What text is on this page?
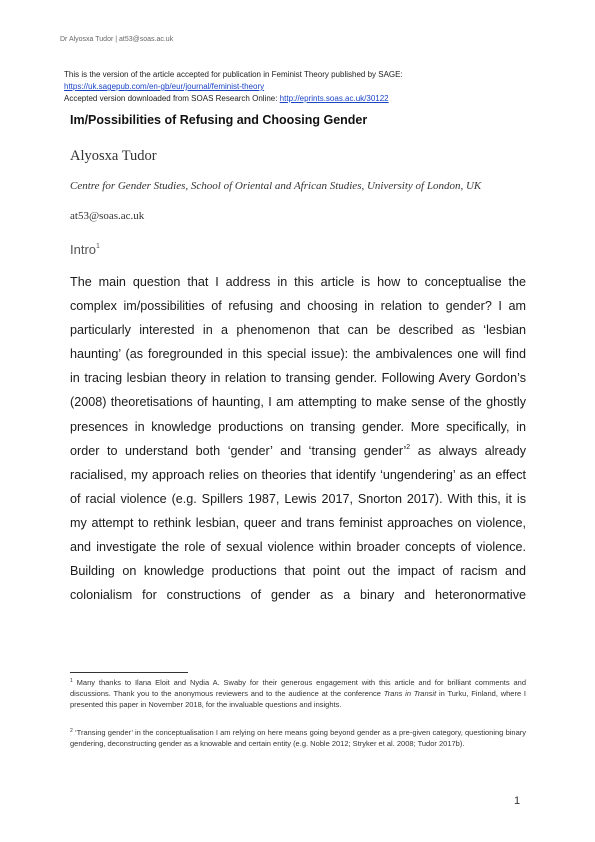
Dr Alyosxa Tudor | at53@soas.ac.uk
This is the version of the article accepted for publication in Feminist Theory published by SAGE:
https://uk.sagepub.com/en-gb/eur/journal/feminist-theory
Accepted version downloaded from SOAS Research Online: http://eprints.soas.ac.uk/30122
Im/Possibilities of Refusing and Choosing Gender
Alyosxa Tudor
Centre for Gender Studies, School of Oriental and African Studies, University of London, UK
at53@soas.ac.uk
Intro$^1$

The main question that I address in this article is how to conceptualise the

complex im/possibilities of refusing and choosing in relation to gender? I am

particularly interested in a phenomenon that can be described as ‘lesbian

haunting’ (as foregrounded in this special issue): the ambivalences one will find

in tracing lesbian theory in relation to transing gender. Following Avery Gordon’s

(2008) theoretisations of haunting, I am attempting to make sense of the ghostly

presences in knowledge productions on transing gender. More specifically, in

order to understand both ‘gender’ and ‘transing gender’$^2$ as always already

racialised, my approach relies on theories that identify ‘ungendering’ as an effect

of racial violence (e.g. Spillers 1987, Lewis 2017, Snorton 2017). With this, it is

my attempt to rethink lesbian, queer and trans feminist approaches on violence,

and investigate the role of sexual violence within broader concepts of violence.

Building on knowledge productions that point out the impact of racism and

colonialism for constructions of gender as a binary and heteronormative

$^1$ Many thanks to Ilana Eloit and Nydia A. Swaby for their generous engagement with this article and for brilliant comments and discussions. Thank you to the anonymous reviewers and to the audience at the conference Trans in Transit in Turku, Finland, where I presented this paper in November 2018, for the invaluable questions and insights.

$^2$ ‘Transing gender’ in the conceptualisation I am relying on here means going beyond gender as a pre-given category, questioning binary gendering, deconstructing gender as a knowable and certain entity (e.g. Noble 2012; Stryker et al. 2008; Tudor 2017b).

1
